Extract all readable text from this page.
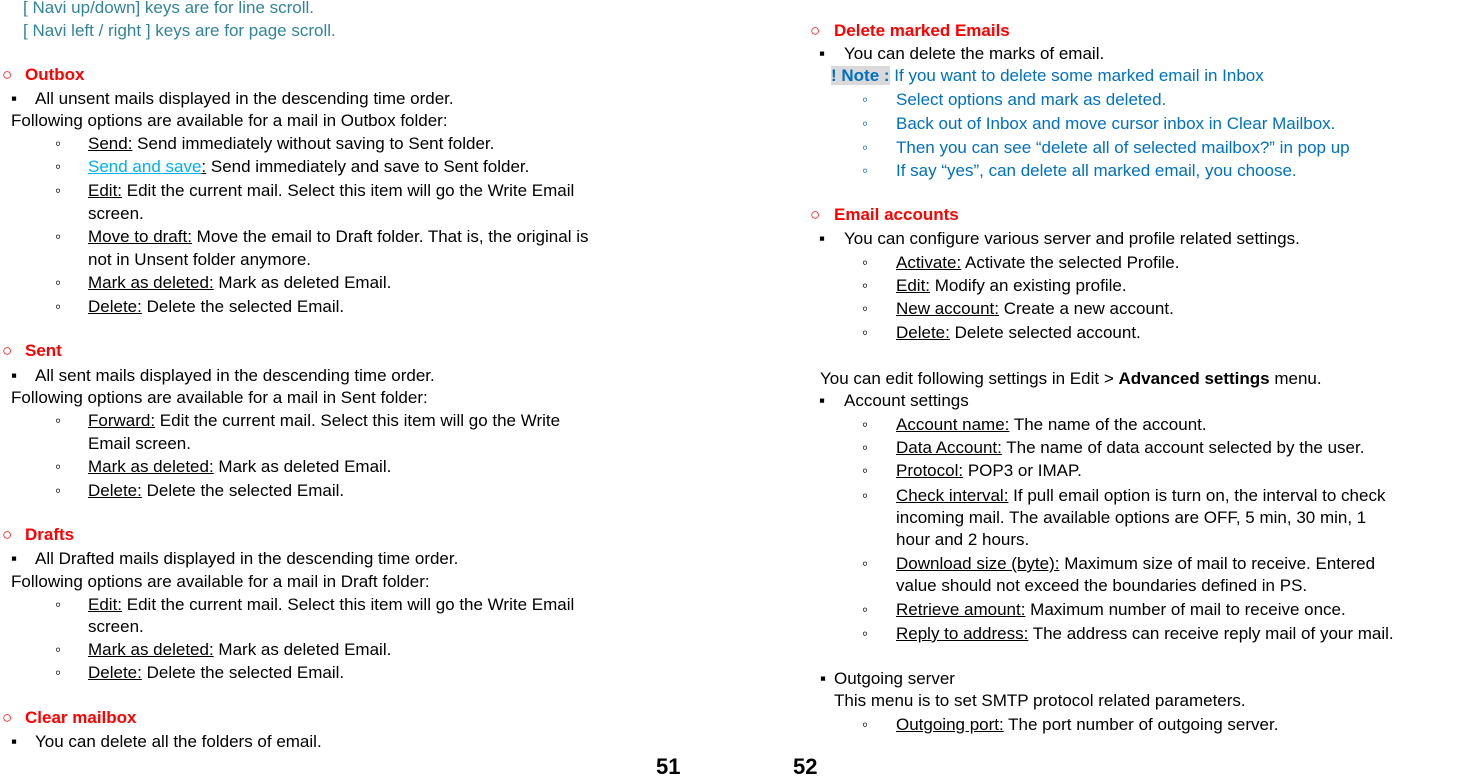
[ Navi up/down] keys are for line scroll.
[ Navi left / right ] keys are for page scroll.
○ Outbox
▪ All unsent mails displayed in the descending time order.
Following options are available for a mail in Outbox folder:
◦ Send: Send immediately without saving to Sent folder.
◦ Send and save: Send immediately and save to Sent folder.
◦ Edit: Edit the current mail. Select this item will go the Write Email
screen.
◦ Move to draft: Move the email to Draft folder. That is, the original is
not in Unsent folder anymore.
◦ Mark as deleted: Mark as deleted Email.
◦ Delete: Delete the selected Email.
○ Sent
▪ All sent mails displayed in the descending time order.
Following options are available for a mail in Sent folder:
◦ Forward: Edit the current mail. Select this item will go the Write
Email screen.
◦ Mark as deleted: Mark as deleted Email.
◦ Delete: Delete the selected Email.
○ Drafts
▪ All Drafted mails displayed in the descending time order.
Following options are available for a mail in Draft folder:
◦ Edit: Edit the current mail. Select this item will go the Write Email
screen.
◦ Mark as deleted: Mark as deleted Email.
◦ Delete: Delete the selected Email.
○ Clear mailbox
▪ You can delete all the folders of email.
51
○ Delete marked Emails
▪ You can delete the marks of email.
! Note : If you want to delete some marked email in Inbox
◦ Select options and mark as deleted.
◦ Back out of Inbox and move cursor inbox in Clear Mailbox.
◦ Then you can see “delete all of selected mailbox?” in pop up
◦ If say “yes”, can delete all marked email, you choose.
○ Email accounts
▪ You can configure various server and profile related settings.
◦ Activate: Activate the selected Profile.
◦ Edit: Modify an existing profile.
◦ New account: Create a new account.
◦ Delete: Delete selected account.
You can edit following settings in Edit > Advanced settings menu.
▪ Account settings
◦ Account name: The name of the account.
◦ Data Account: The name of data account selected by the user.
◦ Protocol: POP3 or IMAP.
◦ Check interval: If pull email option is turn on, the interval to check
incoming mail. The available options are OFF, 5 min, 30 min, 1
hour and 2 hours.
◦ Download size (byte): Maximum size of mail to receive. Entered
value should not exceed the boundaries defined in PS.
◦ Retrieve amount: Maximum number of mail to receive once.
◦ Reply to address: The address can receive reply mail of your mail.
▪ Outgoing server
This menu is to set SMTP protocol related parameters.
◦ Outgoing port: The port number of outgoing server.
52
